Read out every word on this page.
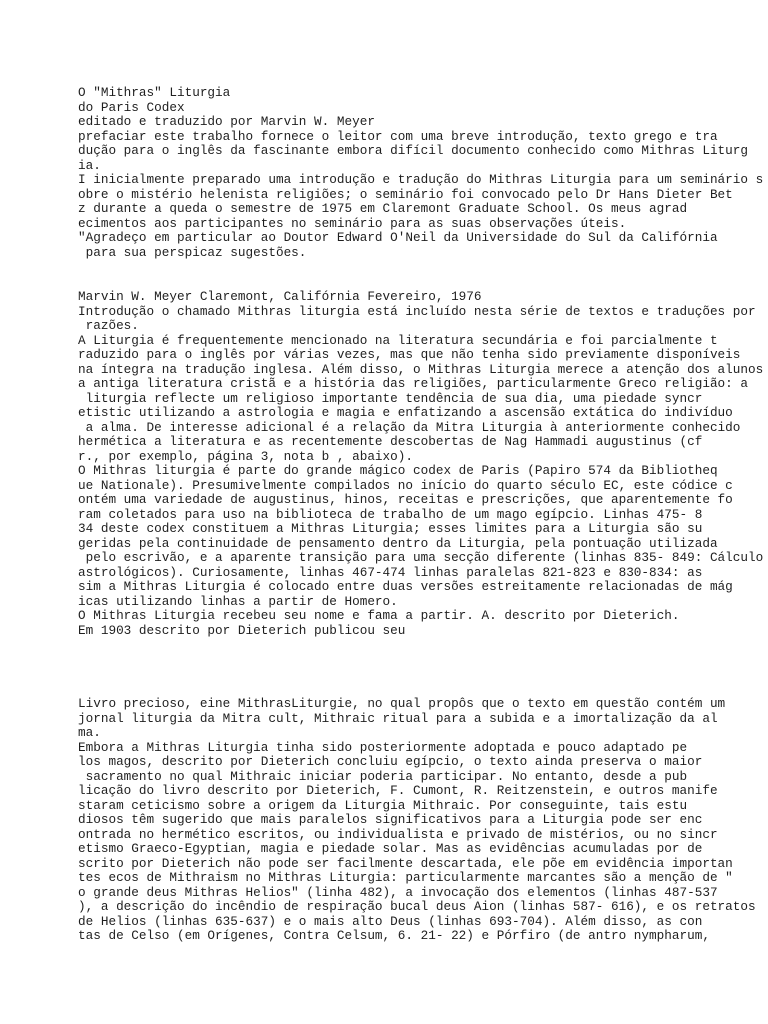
O "Mithras" Liturgia
do Paris Codex
editado e traduzido por Marvin W. Meyer
prefaciar este trabalho fornece o leitor com uma breve introdução, texto grego e tra
dução para o inglês da fascinante embora difícil documento conhecido como Mithras Liturg
ia.
I inicialmente preparado uma introdução e tradução do Mithras Liturgia para um seminário s
obre o mistério helenista religiões; o seminário foi convocado pelo Dr Hans Dieter Bet
z durante a queda o semestre de 1975 em Claremont Graduate School. Os meus agrad
ecimentos aos participantes no seminário para as suas observações úteis.
"Agradeço em particular ao Doutor Edward O'Neil da Universidade do Sul da Califórnia
para sua perspicaz sugestões.
Marvin W. Meyer Claremont, Califórnia Fevereiro, 1976
Introdução o chamado Mithras liturgia está incluído nesta série de textos e traduções por
razões.
A Liturgia é frequentemente mencionado na literatura secundária e foi parcialmente t
raduzido para o inglês por várias vezes, mas que não tenha sido previamente disponíveis
na íntegra na tradução inglesa. Além disso, o Mithras Liturgia merece a atenção dos alunos
a antiga literatura cristã e a história das religiões, particularmente Greco religião: a
liturgia reflecte um religioso importante tendência de sua dia, uma piedade syncr
etistic utilizando a astrologia e magia e enfatizando a ascensão extática do indivíduo
a alma. De interesse adicional é a relação da Mitra Liturgia à anteriormente conhecido
hermética a literatura e as recentemente descobertas de Nag Hammadi augustinus (cf
r., por exemplo, página 3, nota b , abaixo).
O Mithras liturgia é parte do grande mágico codex de Paris (Papiro 574 da Bibliotheq
ue Nationale). Presumivelmente compilados no início do quarto século EC, este códice c
ontém uma variedade de augustinus, hinos, receitas e prescrições, que aparentemente fo
ram coletados para uso na biblioteca de trabalho de um mago egípcio. Linhas 475- 8
34 deste codex constituem a Mithras Liturgia; esses limites para a Liturgia são su
geridas pela continuidade de pensamento dentro da Liturgia, pela pontuação utilizada
pelo escrivão, e a aparente transição para uma secção diferente (linhas 835- 849: Cálculo
astrológicos). Curiosamente, linhas 467-474 linhas paralelas 821-823 e 830-834: as
sim a Mithras Liturgia é colocado entre duas versões estreitamente relacionadas de mág
icas utilizando linhas a partir de Homero.
O Mithras Liturgia recebeu seu nome e fama a partir. A. descrito por Dieterich.
Em 1903 descrito por Dieterich publicou seu
Livro precioso, eine MithrasLiturgie, no qual propôs que o texto em questão contém um
jornal liturgia da Mitra cult, Mithraic ritual para a subida e a imortalização da al
ma.
Embora a Mithras Liturgia tinha sido posteriormente adoptada e pouco adaptado pe
los magos, descrito por Dieterich concluiu egípcio, o texto ainda preserva o maior
sacramento no qual Mithraic iniciar poderia participar. No entanto, desde a pub
licação do livro descrito por Dieterich, F. Cumont, R. Reitzenstein, e outros manife
staram ceticismo sobre a origem da Liturgia Mithraic. Por conseguinte, tais estu
diosos têm sugerido que mais paralelos significativos para a Liturgia pode ser enc
ontrada no hermético escritos, ou individualista e privado de mistérios, ou no sincr
etismo Graeco-Egyptian, magia e piedade solar. Mas as evidências acumuladas por de
scrito por Dieterich não pode ser facilmente descartada, ele põe em evidência importan
tes ecos de Mithraism no Mithras Liturgia: particularmente marcantes são a menção de "
o grande deus Mithras Helios" (linha 482), a invocação dos elementos (linhas 487-537
), a descrição do incêndio de respiração bucal deus Aion (linhas 587- 616), e os retratos
de Helios (linhas 635-637) e o mais alto Deus (linhas 693-704). Além disso, as con
tas de Celso (em Orígenes, Contra Celsum, 6. 21- 22) e Pórfiro (de antro nympharum,
